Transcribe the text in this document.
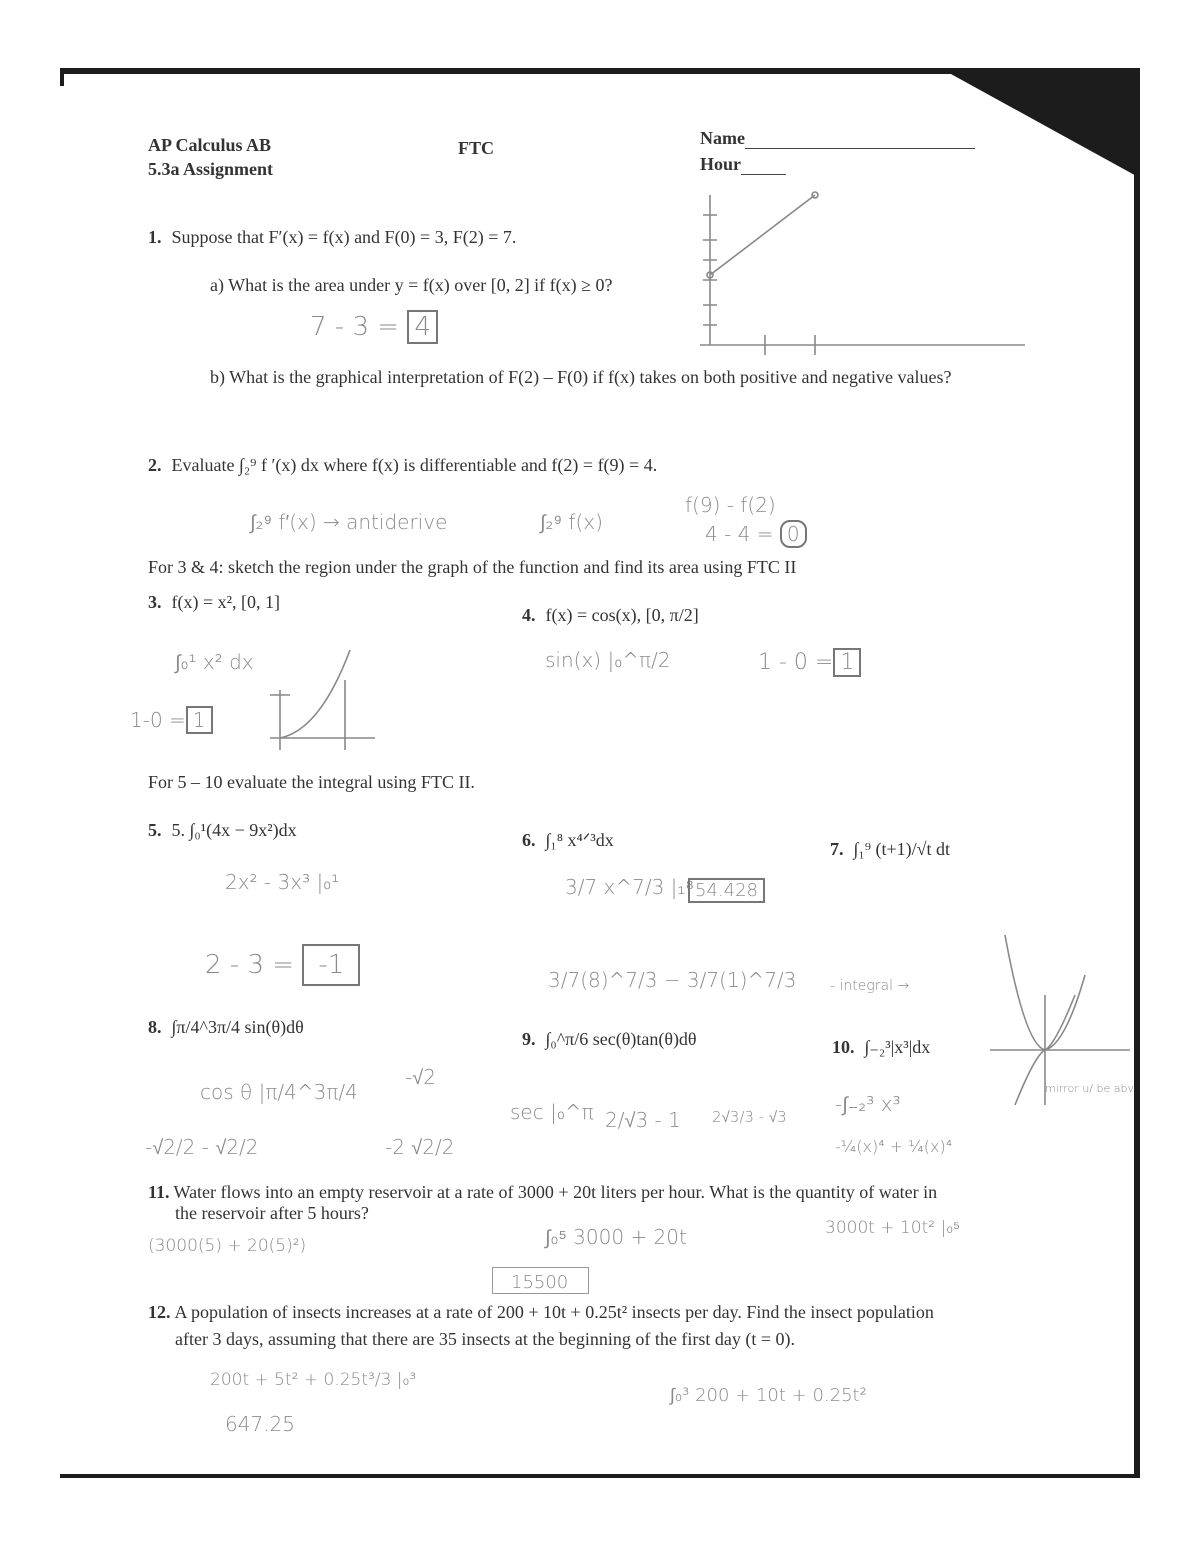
AP Calculus AB
5.3a Assignment
FTC	Name
Hour
1. Suppose that F′(x) = f(x) and F(0) = 3, F(2) = 7.
a) What is the area under y = f(x) over [0, 2] if f(x) ≥ 0?
7 - 3 = 4
b) What is the graphical interpretation of F(2) – F(0) if f(x) takes on both positive and negative values?
2. Evaluate ∫₂⁹ f ′(x) dx where f(x) is differentiable and f(2) = f(9) = 4.
∫₂⁹ f′(x) → antiderive	∫₂⁹ f(x)
f(9) - f(2)
4 - 4 = 0
For 3 & 4: sketch the region under the graph of the function and find its area using FTC II
3. f(x) = x², [0, 1]
4. f(x) = cos(x), [0, π/2]
∫₀¹ x² dx
1-0 = 1
sin(x) |₀^π/2	1 - 0 = 1
For 5 – 10 evaluate the integral using FTC II.
5. 5. ∫₀¹(4x − 9x²)dx	6. ∫₁⁸ x⁴ᐟ³dx	7. ∫₁⁹ (t+1)/√t dt
2x² - 3x³ |₀¹
2 - 3 = -1
3/7 x^7/3 |₁⁸ 54.428
3/7(8)^7/3 − 3/7(1)^7/3 - integral →
mirror u/ be abv
8. ∫π/4^3π/4 sin(θ)dθ
9. ∫₀^π/6 sec(θ)tan(θ)dθ	10. ∫₋₂³|x³|dx
cos θ |π/4^3π/4
-√2
-√2/2 - √2/2	-2 √2/2
sec |₀^π 2/√3 - 1 2√3/3 - √3
-∫₋₂³ x³
-¼(x)⁴ + ¼(x)⁴
11. Water flows into an empty reservoir at a rate of 3000 + 20t liters per hour. What is the quantity of water in
the reservoir after 5 hours?
(3000(5) + 20(5)²)	∫₀⁵ 3000 + 20t	3000t + 10t² |₀⁵
15500
12. A population of insects increases at a rate of 200 + 10t + 0.25t² insects per day. Find the insect population
after 3 days, assuming that there are 35 insects at the beginning of the first day (t = 0).
200t + 5t² + 0.25t³/3 |₀³
647.25
∫₀³ 200 + 10t + 0.25t²
